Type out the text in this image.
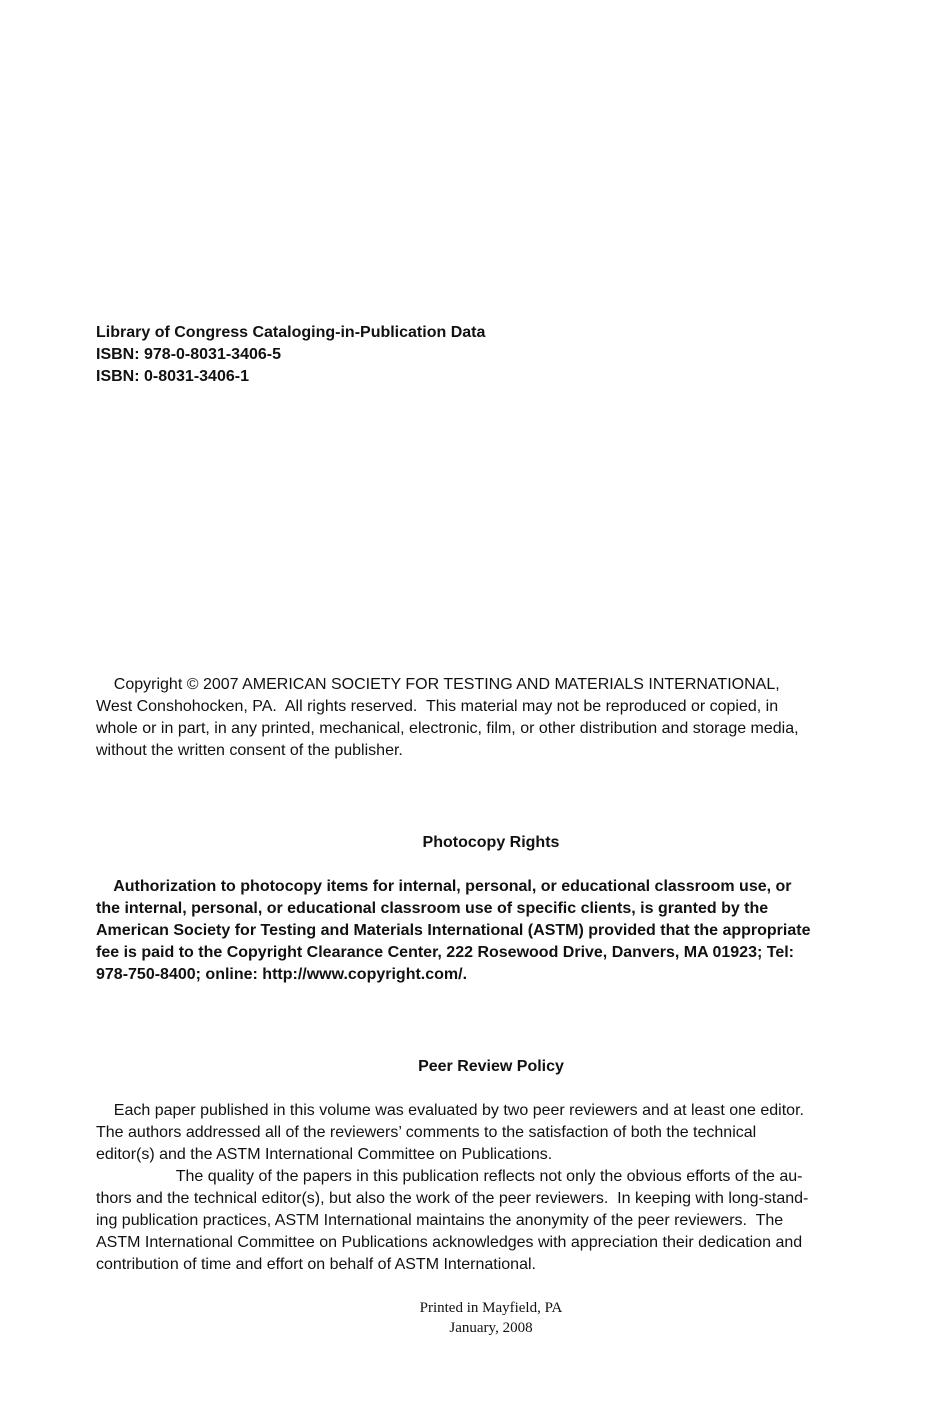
Library of Congress Cataloging-in-Publication Data
ISBN: 978-0-8031-3406-5
ISBN: 0-8031-3406-1
Copyright © 2007 AMERICAN SOCIETY FOR TESTING AND MATERIALS INTERNATIONAL,
West Conshohocken, PA.  All rights reserved.  This material may not be reproduced or copied, in
whole or in part, in any printed, mechanical, electronic, film, or other distribution and storage media,
without the written consent of the publisher.
Photocopy Rights
Authorization to photocopy items for internal, personal, or educational classroom use, or
the internal, personal, or educational classroom use of specific clients, is granted by the
American Society for Testing and Materials International (ASTM) provided that the appropriate
fee is paid to the Copyright Clearance Center, 222 Rosewood Drive, Danvers, MA 01923; Tel:
978-750-8400; online: http://www.copyright.com/.
Peer Review Policy
Each paper published in this volume was evaluated by two peer reviewers and at least one editor.
The authors addressed all of the reviewers’ comments to the satisfaction of both the technical
editor(s) and the ASTM International Committee on Publications.
The quality of the papers in this publication reflects not only the obvious efforts of the au-
thors and the technical editor(s), but also the work of the peer reviewers.  In keeping with long-stand-
ing publication practices, ASTM International maintains the anonymity of the peer reviewers.  The
ASTM International Committee on Publications acknowledges with appreciation their dedication and
contribution of time and effort on behalf of ASTM International.
Printed in Mayfield, PA
January, 2008
